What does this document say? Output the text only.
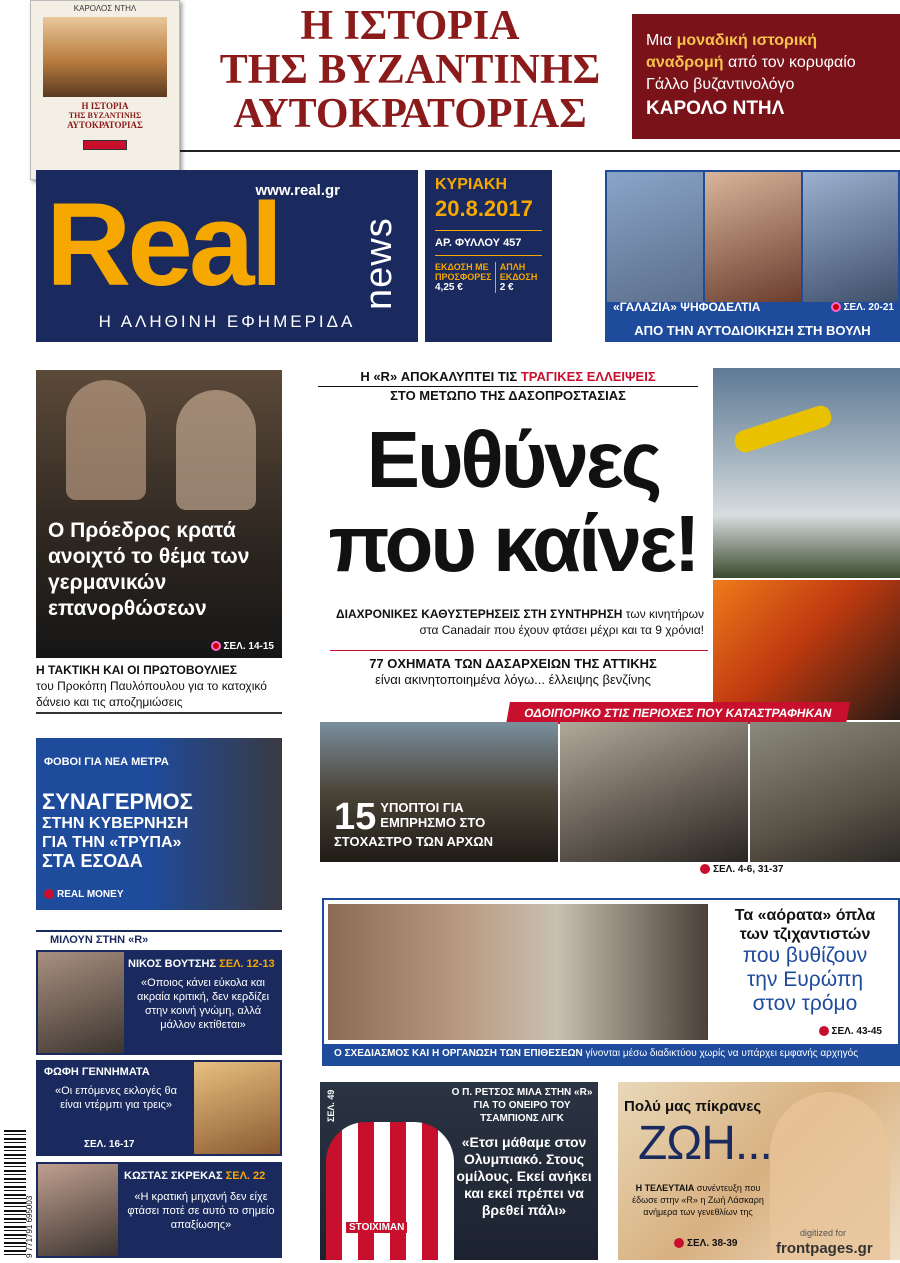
ΚΑΡΟΛΟΣ ΝΤΗΛ
Η ΙΣΤΟΡΙΑ
ΤΗΣ ΒΥΖΑΝΤΙΝΗΣ
ΑΥΤΟΚΡΑΤΟΡΙΑΣ
Η ΙΣΤΟΡΙΑ
ΤΗΣ ΒΥΖΑΝΤΙΝΗΣ
ΑΥΤΟΚΡΑΤΟΡΙΑΣ
Μια μοναδική ιστορική αναδρομή από τον κορυφαίο Γάλλο βυζαντινολόγο
ΚΑΡΟΛΟ ΝΤΗΛ
www.real.gr
Real news
Η ΑΛΗΘΙΝΗ ΕΦΗΜΕΡΙΔΑ
ΚΥΡΙΑΚΗ
20.8.2017
ΑΡ. ΦΥΛΛΟΥ 457
ΕΚΔΟΣΗ ΜΕ ΠΡΟΣΦΟΡΕΣ
4,25 €
ΑΠΛΗ ΕΚΔΟΣΗ
2 €
«ΓΑΛΑΖΙΑ» ΨΗΦΟΔΕΛΤΙΑ	ΣΕΛ. 20-21
ΑΠΟ ΤΗΝ ΑΥΤΟΔΙΟΙΚΗΣΗ ΣΤΗ ΒΟΥΛΗ
Ο Πρόεδρος κρατά ανοιχτό το θέμα των γερμανικών επανορθώσεων
ΣΕΛ. 14-15
Η ΤΑΚΤΙΚΗ ΚΑΙ ΟΙ ΠΡΩΤΟΒΟΥΛΙΕΣ
του Προκόπη Παυλόπουλου για το κατοχικό δάνειο και τις αποζημιώσεις
Η «R» ΑΠΟΚΑΛΥΠΤΕΙ ΤΙΣ ΤΡΑΓΙΚΕΣ ΕΛΛΕΙΨΕΙΣ
ΣΤΟ ΜΕΤΩΠΟ ΤΗΣ ΔΑΣΟΠΡΟΣΤΑΣΙΑΣ
Ευθύνες
που καίνε!
ΔΙΑΧΡΟΝΙΚΕΣ ΚΑΘΥΣΤΕΡΗΣΕΙΣ ΣΤΗ ΣΥΝΤΗΡΗΣΗ των κινητήρων στα Canadair που έχουν φτάσει μέχρι και τα 9 χρόνια!
77 ΟΧΗΜΑΤΑ ΤΩΝ ΔΑΣΑΡΧΕΙΩΝ ΤΗΣ ΑΤΤΙΚΗΣ
είναι ακινητοποιημένα λόγω... έλλειψης βενζίνης
ΟΔΟΙΠΟΡΙΚΟ ΣΤΙΣ ΠΕΡΙΟΧΕΣ ΠΟΥ ΚΑΤΑΣΤΡΑΦΗΚΑΝ
15 ΥΠΟΠΤΟΙ ΓΙΑ
ΕΜΠΡΗΣΜΟ ΣΤΟ
ΣΤΟΧΑΣΤΡΟ ΤΩΝ ΑΡΧΩΝ
ΣΕΛ. 4-6, 31-37
ΦΟΒΟΙ ΓΙΑ ΝΕΑ ΜΕΤΡΑ
ΣΥΝΑΓΕΡΜΟΣ
ΣΤΗΝ ΚΥΒΕΡΝΗΣΗ
ΓΙΑ ΤΗΝ «ΤΡΥΠΑ»
ΣΤΑ ΕΣΟΔΑ
REAL MONEY
ΜΙΛΟΥΝ ΣΤΗΝ «R»
ΝΙΚΟΣ ΒΟΥΤΣΗΣ ΣΕΛ. 12-13
«Οποιος κάνει εύκολα και ακραία κριτική, δεν κερδίζει στην κοινή γνώμη, αλλά μάλλον εκτίθεται»
ΦΩΦΗ ΓΕΝΝΗΜΑΤΑ
«Οι επόμενες εκλογές θα είναι ντέρμπι για τρεις»
ΣΕΛ. 16-17
ΚΩΣΤΑΣ ΣΚΡΕΚΑΣ ΣΕΛ. 22
«Η κρατική μηχανή δεν είχε φτάσει ποτέ σε αυτό το σημείο απαξίωσης»
9 771791 695003
Τα «αόρατα» όπλα
των τζιχαντιστών
που βυθίζουν
την Ευρώπη
στον τρόμο
ΣΕΛ. 43-45
Ο ΣΧΕΔΙΑΣΜΟΣ ΚΑΙ Η ΟΡΓΑΝΩΣΗ ΤΩΝ ΕΠΙΘΕΣΕΩΝ γίνονται μέσω διαδικτύου χωρίς να υπάρχει εμφανής αρχηγός
STOIXIMAN
ΣΕΛ. 49	Ο Π. ΡΕΤΣΟΣ ΜΙΛΑ ΣΤΗΝ «R» ΓΙΑ ΤΟ ΟΝΕΙΡΟ ΤΟΥ ΤΣΑΜΠΙΟΝΣ ΛΙΓΚ
«Ετσι μάθαμε στον Ολυμπιακό. Στους ομίλους. Εκεί ανήκει και εκεί πρέπει να βρεθεί πάλι»
Πολύ μας πίκρανες
ΖΩΗ...
Η ΤΕΛΕΥΤΑΙΑ συνέντευξη που έδωσε στην «R» η Ζωή Λάσκαρη ανήμερα των γενεθλίων της
ΣΕΛ. 38-39
digitized for
frontpages.gr
